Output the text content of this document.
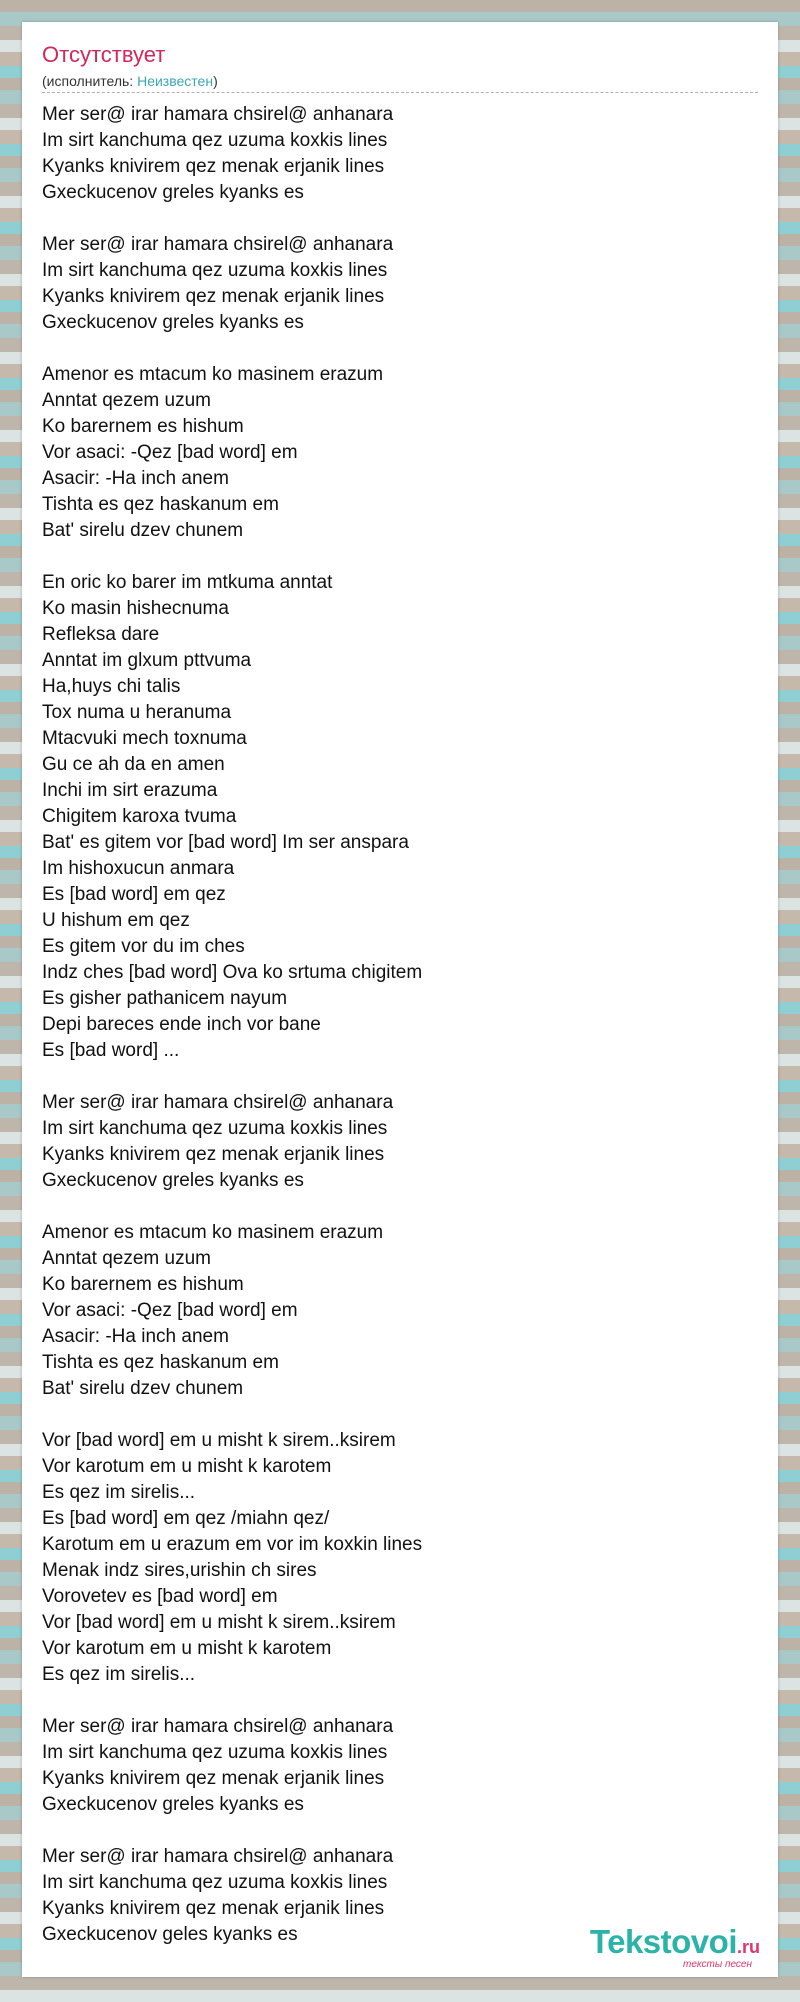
Отсутствует
(исполнитель: Неизвестен)
Mer ser@ irar hamara chsirel@ anhanara
Im sirt kanchuma qez uzuma koxkis lines
Kyanks knivirem qez menak erjanik lines
Gxeckucenov greles kyanks es
Mer ser@ irar hamara chsirel@ anhanara
Im sirt kanchuma qez uzuma koxkis lines
Kyanks knivirem qez menak erjanik lines
Gxeckucenov greles kyanks es
Amenor es mtacum ko masinem erazum
Anntat qezem uzum
Ko barernem es hishum
Vor asaci: -Qez [bad word] em
Asacir: -Ha inch anem
Tishta es qez haskanum em
Bat' sirelu dzev chunem
En oric ko barer im mtkuma anntat
Ko masin hishecnuma
Refleksa dare
Anntat im glxum pttvuma
Ha,huys chi talis
Tox numa u heranuma
Mtacvuki mech toxnuma
Gu ce ah da en amen
Inchi im sirt erazuma
Chigitem karoxa tvuma
Bat' es gitem vor [bad word] Im ser anspara
Im hishoxucun anmara
Es [bad word] em qez
U hishum em qez
Es gitem vor du im ches
Indz ches [bad word] Ova ko srtuma chigitem
Es gisher pathanicem nayum
Depi bareces ende inch vor bane
Es [bad word] ...
Mer ser@ irar hamara chsirel@ anhanara
Im sirt kanchuma qez uzuma koxkis lines
Kyanks knivirem qez menak erjanik lines
Gxeckucenov greles kyanks es
Amenor es mtacum ko masinem erazum
Anntat qezem uzum
Ko barernem es hishum
Vor asaci: -Qez [bad word] em
Asacir: -Ha inch anem
Tishta es qez haskanum em
Bat' sirelu dzev chunem
Vor [bad word] em u misht k sirem..ksirem
Vor karotum em u misht k karotem
Es qez im sirelis...
Es [bad word] em qez /miahn qez/
Karotum em u erazum em vor im koxkin lines
Menak indz sires,urishin ch sires
Vorovetev es [bad word] em
Vor [bad word] em u misht k sirem..ksirem
Vor karotum em u misht k karotem
Es qez im sirelis...
Mer ser@ irar hamara chsirel@ anhanara
Im sirt kanchuma qez uzuma koxkis lines
Kyanks knivirem qez menak erjanik lines
Gxeckucenov greles kyanks es
Mer ser@ irar hamara chsirel@ anhanara
Im sirt kanchuma qez uzuma koxkis lines
Kyanks knivirem qez menak erjanik lines
Gxeckucenov geles kyanks es	Tekstovoi.ru
тексты песен
